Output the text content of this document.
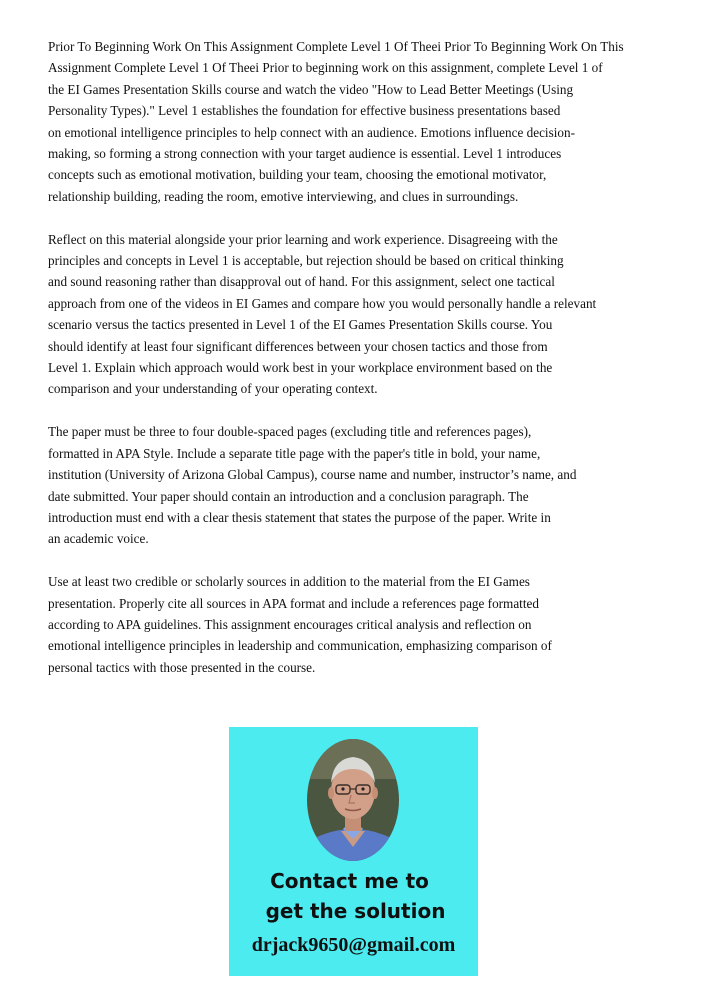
Prior To Beginning Work On This Assignment Complete Level 1 Of Theei Prior To Beginning Work On This
Assignment Complete Level 1 Of Theei Prior to beginning work on this assignment, complete Level 1 of
the EI Games Presentation Skills course and watch the video "How to Lead Better Meetings (Using
Personality Types)." Level 1 establishes the foundation for effective business presentations based
on emotional intelligence principles to help connect with an audience. Emotions influence decision-
making, so forming a strong connection with your target audience is essential. Level 1 introduces
concepts such as emotional motivation, building your team, choosing the emotional motivator,
relationship building, reading the room, emotive interviewing, and clues in surroundings.

Reflect on this material alongside your prior learning and work experience. Disagreeing with the
principles and concepts in Level 1 is acceptable, but rejection should be based on critical thinking
and sound reasoning rather than disapproval out of hand. For this assignment, select one tactical
approach from one of the videos in EI Games and compare how you would personally handle a relevant
scenario versus the tactics presented in Level 1 of the EI Games Presentation Skills course. You
should identify at least four significant differences between your chosen tactics and those from
Level 1. Explain which approach would work best in your workplace environment based on the
comparison and your understanding of your operating context.

The paper must be three to four double-spaced pages (excluding title and references pages),
formatted in APA Style. Include a separate title page with the paper's title in bold, your name,
institution (University of Arizona Global Campus), course name and number, instructor’s name, and
date submitted. Your paper should contain an introduction and a conclusion paragraph. The
introduction must end with a clear thesis statement that states the purpose of the paper. Write in
an academic voice.

Use at least two credible or scholarly sources in addition to the material from the EI Games
presentation. Properly cite all sources in APA format and include a references page formatted
according to APA guidelines. This assignment encourages critical analysis and reflection on
emotional intelligence principles in leadership and communication, emphasizing comparison of
personal tactics with those presented in the course.

Contact me to
get the solution
drjack9650@gmail.com
